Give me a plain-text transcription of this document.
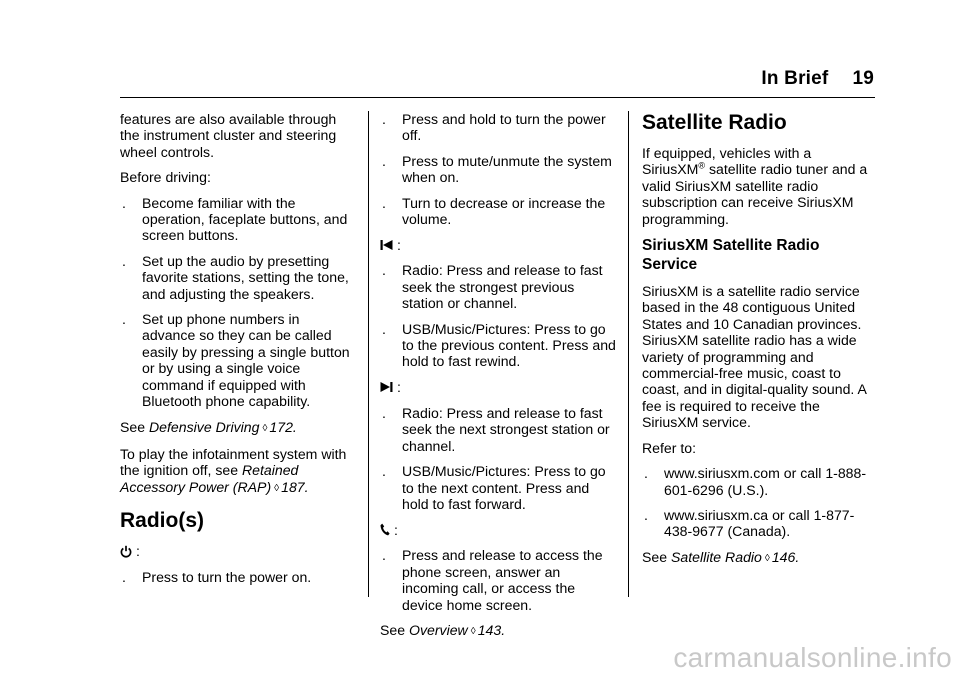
In Brief 19

features are also available through the instrument cluster and steering wheel controls.

Before driving:

.	Become familiar with the operation, faceplate buttons, and screen buttons.
.	Set up the audio by presetting favorite stations, setting the tone, and adjusting the speakers.
.	Set up phone numbers in advance so they can be called easily by pressing a single button or by using a single voice command if equipped with Bluetooth phone capability.

See Defensive Driving ◊ 172.

To play the infotainment system with the ignition off, see Retained Accessory Power (RAP) ◊ 187.

Radio(s)
:
.	Press to turn the power on.
.	Press and hold to turn the power off.
.	Press to mute/unmute the system when on.
.	Turn to decrease or increase the volume.
:
.	Radio: Press and release to fast seek the strongest previous station or channel.
.	USB/Music/Pictures: Press to go to the previous content. Press and hold to fast rewind.
:
.	Radio: Press and release to fast seek the next strongest station or channel.
.	USB/Music/Pictures: Press to go to the next content. Press and hold to fast forward.
:
.	Press and release to access the phone screen, answer an incoming call, or access the device home screen.

See Overview ◊ 143.

Satellite Radio

If equipped, vehicles with a SiriusXM® satellite radio tuner and a valid SiriusXM satellite radio subscription can receive SiriusXM programming.

SiriusXM Satellite Radio Service

SiriusXM is a satellite radio service based in the 48 contiguous United States and 10 Canadian provinces. SiriusXM satellite radio has a wide variety of programming and commercial-free music, coast to coast, and in digital-quality sound. A fee is required to receive the SiriusXM service.

Refer to:

.	www.siriusxm.com or call 1-888-601-6296 (U.S.).
.	www.siriusxm.ca or call 1-877-438-9677 (Canada).

See Satellite Radio ◊ 146.

carmanualsonline.info
